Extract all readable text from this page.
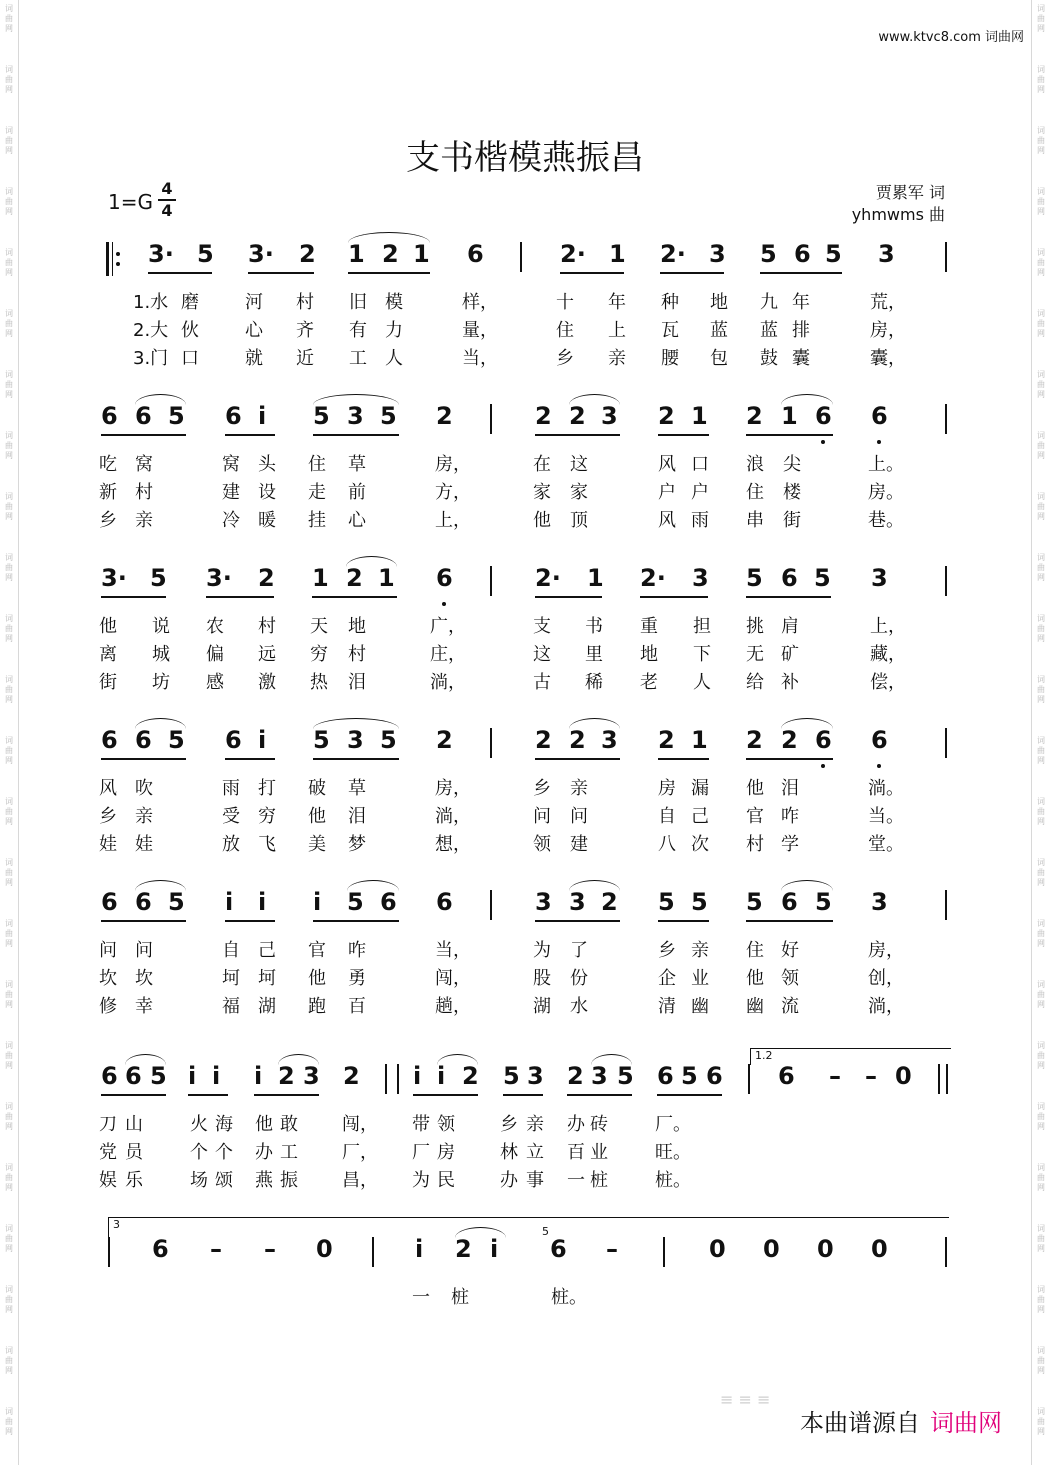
词
曲
网
词
曲
网
词
曲
网
词
曲
网
词
曲
网
词
曲
网
词
曲
网
词
曲
网
词
曲
网
词
曲
网
词
曲
网
词
曲
网
词
曲
网
词
曲
网
词
曲
网
词
曲
网
词
曲
网
词
曲
网
词
曲
网
词
曲
网
词
曲
网
词
曲
网
词
曲
网
词
曲
网
词
曲
网
词
曲
网
词
曲
网
词
曲
网
词
曲
网
词
曲
网
词
曲
网
词
曲
网
词
曲
网
词
曲
网
词
曲
网
词
曲
网
词
曲
网
词
曲
网
词
曲
网
词
曲
网
词
曲
网
词
曲
网
词
曲
网
词
曲
网
词
曲
网
词
曲
网
词
曲
网
词
曲
网
www.ktvc8.com 词曲网
支书楷模燕振昌
1=G
4
4
贾累军 词
yhmwms 曲
3· 5 3· 2 1 2 1 6	2· 1 2· 3 5 6 5 3
1.水 磨	河 村 旧 模	样，	十 年 种 地 九 年	荒，
2.大 伙	心 齐 有 力	量，	住 上 瓦 蓝 蓝 排	房，
3.门 口	就 近 工 人	当，	乡 亲 腰 包 鼓 囊	囊，
6 6 5 6 i 5 3 5 2	2 2 3 2 1 2 1 6 6
吃 窝	窝 头 住 草	房，	在 这	风 口 浪 尖	上。
新 村	建 设 走 前	方，	家 家	户 户 住 楼	房。
乡 亲	冷 暖 挂 心	上，	他 顶	风 雨 串 街	巷。
3· 5 3· 2 1 2 1 6	2· 1 2· 3 5 6 5 3
他 说 农 村 天 地	广，	支 书 重 担 挑 肩	上，
离 城 偏 远 穷 村	庄，	这 里 地 下 无 矿	藏，
街 坊 感 激 热 泪	淌，	古 稀 老 人 给 补	偿，
6 6 5 6 i 5 3 5 2	2 2 3 2 1 2 2 6 6
风 吹	雨 打 破 草	房，	乡 亲	房 漏 他 泪	淌。
乡 亲	受 穷 他 泪	淌，	问 问	自 己 官 咋	当。
娃 娃	放 飞 美 梦	想，	领 建	八 次 村 学	堂。
6 6 5 i i i 5 6 6	3 3 2 5 5 5 6 5 3
问 问	自 己 官 咋	当，	为 了	乡 亲 住 好	房，
坎 坎	坷 坷 他 勇	闯，	股 份	企 业 他 领	创，
修 幸	福 湖 跑 百	趟，	湖 水	清 幽 幽 流	淌，
6 6 5 i i i 2 3 2 i i 2 5 3 2 3 5 6 5 6 6 – – 0
1.2
刀 山	火 海 他 敢 闯， 带 领	乡 亲 办 砖	厂。
党 员	个 个 办 工 厂， 厂 房	林 立 百 业	旺。
娱 乐	场 颂 燕 振 昌， 为 民	办 事 一 桩	桩。
6 – – 0	i 2 i 6 –	0 0 0 0
3
5
一 桩	桩。
≡ ≡ ≡
本曲谱源自 词曲网
